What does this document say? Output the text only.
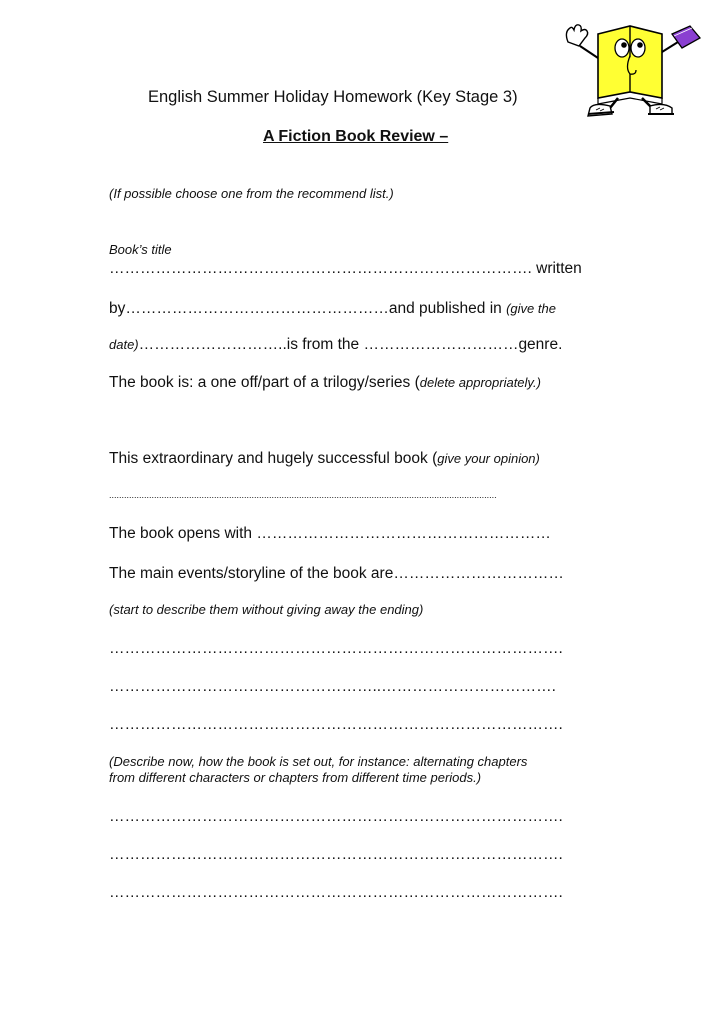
English Summer Holiday Homework (Key Stage 3)
A Fiction Book Review –
(If possible choose one from the recommend list.)
Book’s title
………………………………………………………………………. written
by……………………………………………and published in (give the
date)………………………..is from the …………………………genre.
The book is: a one off/part of a trilogy/series (delete appropriately.)
This extraordinary and hugely successful book (give your opinion)
...........................................................................................................................................................
The book opens with …………………………………………………
The main events/storyline of the book are……………………………
(start to describe them without giving away the ending)
…………………………………………………………………………….
……………………………………………..…………………………….
…………………………………………………………………………….
(Describe now, how the book is set out, for instance: alternating chapters
from different characters or chapters from different time periods.)
…………………………………………………………………………….
…………………………………………………………………………….
…………………………………………………………………………….
